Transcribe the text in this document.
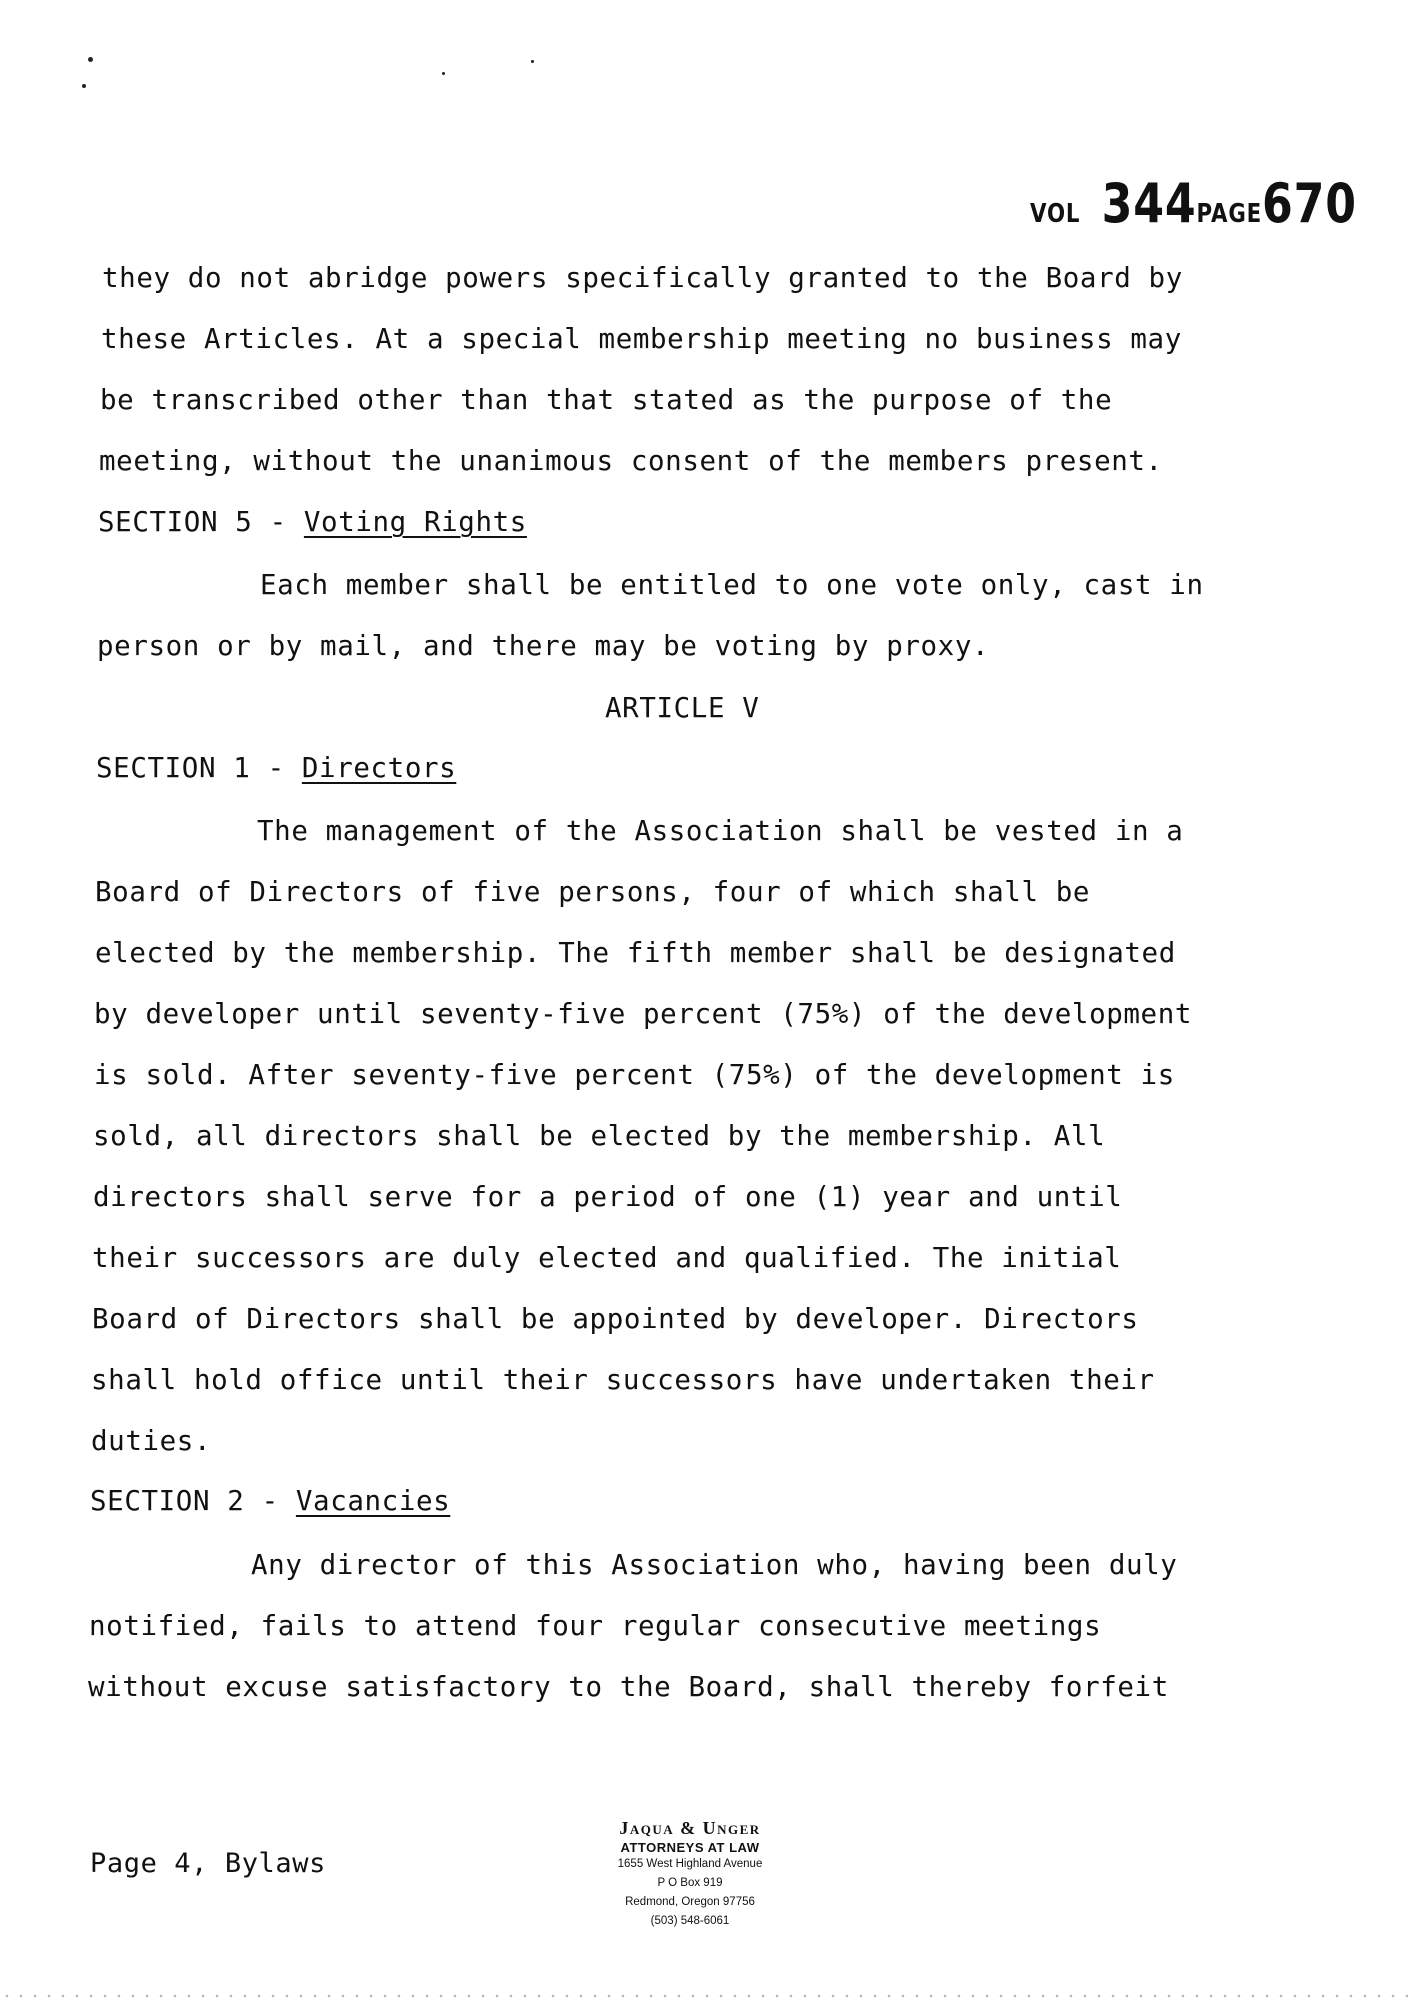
VOL 344PAGE670
they do not abridge powers specifically granted to the Board by
these Articles. At a special membership meeting no business may
be transcribed other than that stated as the purpose of the
meeting, without the unanimous consent of the members present.
SECTION 5 - Voting Rights
Each member shall be entitled to one vote only, cast in
person or by mail, and there may be voting by proxy.
ARTICLE V
SECTION 1 - Directors
The management of the Association shall be vested in a
Board of Directors of five persons, four of which shall be
elected by the membership. The fifth member shall be designated
by developer until seventy-five percent (75%) of the development
is sold. After seventy-five percent (75%) of the development is
sold, all directors shall be elected by the membership. All
directors shall serve for a period of one (1) year and until
their successors are duly elected and qualified. The initial
Board of Directors shall be appointed by developer. Directors
shall hold office until their successors have undertaken their
duties.
SECTION 2 - Vacancies
Any director of this Association who, having been duly
notified, fails to attend four regular consecutive meetings
without excuse satisfactory to the Board, shall thereby forfeit
Page 4, Bylaws
Jaqua & Unger
ATTORNEYS AT LAW
1655 West Highland Avenue
P O Box 919
Redmond, Oregon 97756
(503) 548-6061
